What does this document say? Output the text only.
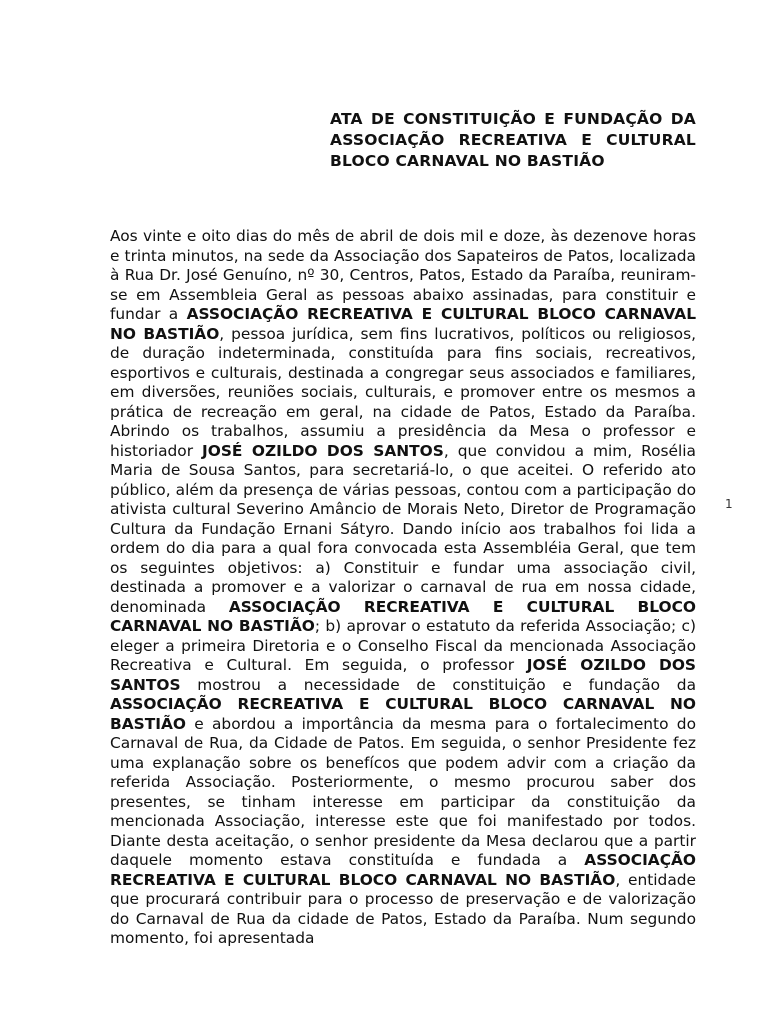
ATA DE CONSTITUIÇÃO E FUNDAÇÃO DA ASSOCIAÇÃO RECREATIVA E CULTURAL BLOCO CARNAVAL NO BASTIÃO

Aos vinte e oito dias do mês de abril de dois mil e doze, às dezenove horas e trinta minutos, na sede da Associação dos Sapateiros de Patos, localizada à Rua Dr. José Genuíno, nº 30, Centros, Patos, Estado da Paraíba, reuniram-se em Assembleia Geral as pessoas abaixo assinadas, para constituir e fundar a ASSOCIAÇÃO RECREATIVA E CULTURAL BLOCO CARNAVAL NO BASTIÃO, pessoa jurídica, sem fins lucrativos, políticos ou religiosos, de duração indeterminada, constituída para fins sociais, recreativos, esportivos e culturais, destinada a congregar seus associados e familiares, em diversões, reuniões sociais, culturais, e promover entre os mesmos a prática de recreação em geral, na cidade de Patos, Estado da Paraíba. Abrindo os trabalhos, assumiu a presidência da Mesa o professor e historiador JOSÉ OZILDO DOS SANTOS, que convidou a mim, Rosélia Maria de Sousa Santos, para secretariá-lo, o que aceitei. O referido ato público, além da presença de várias pessoas, contou com a participação do ativista cultural Severino Amâncio de Morais Neto, Diretor de Programação Cultura da Fundação Ernani Sátyro. Dando início aos trabalhos foi lida a ordem do dia para a qual fora convocada esta Assembléia Geral, que tem os seguintes objetivos: a) Constituir e fundar uma associação civil, destinada a promover e a valorizar o carnaval de rua em nossa cidade, denominada ASSOCIAÇÃO RECREATIVA E CULTURAL BLOCO CARNAVAL NO BASTIÃO; b) aprovar o estatuto da referida Associação; c) eleger a primeira Diretoria e o Conselho Fiscal da mencionada Associação Recreativa e Cultural. Em seguida, o professor JOSÉ OZILDO DOS SANTOS mostrou a necessidade de constituição e fundação da ASSOCIAÇÃO RECREATIVA E CULTURAL BLOCO CARNAVAL NO BASTIÃO e abordou a importância da mesma para o fortalecimento do Carnaval de Rua, da Cidade de Patos. Em seguida, o senhor Presidente fez uma explanação sobre os benefícos que podem advir com a criação da referida Associação. Posteriormente, o mesmo procurou saber dos presentes, se tinham interesse em participar da constituição da mencionada Associação, interesse este que foi manifestado por todos. Diante desta aceitação, o senhor presidente da Mesa declarou que a partir daquele momento estava constituída e fundada a ASSOCIAÇÃO RECREATIVA E CULTURAL BLOCO CARNAVAL NO BASTIÃO, entidade que procurará contribuir para o processo de preservação e de valorização do Carnaval de Rua da cidade de Patos, Estado da Paraíba. Num segundo momento, foi apresentada

1
